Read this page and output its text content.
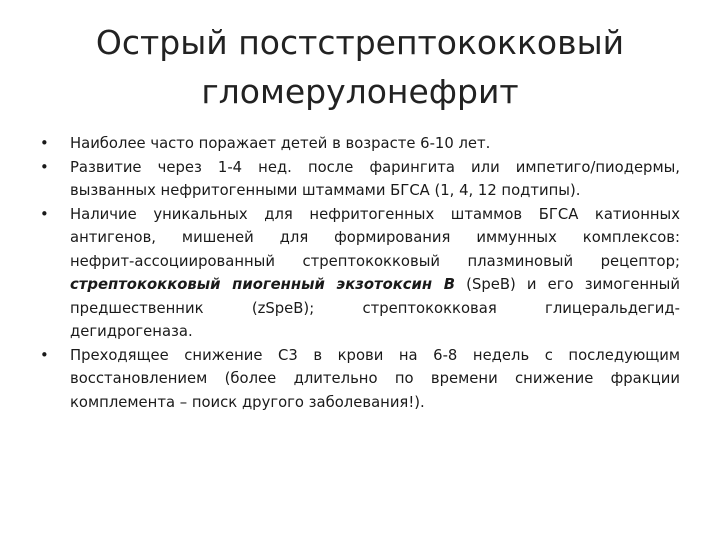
Острый постстрептококковый
гломерулонефрит
•	Наиболее часто поражает детей в возрасте 6-10 лет.
•	Развитие через 1-4 нед. после фарингита или импетиго/пиодермы,
вызванных нефритогенными штаммами БГСА (1, 4, 12 подтипы).
•	Наличие уникальных для нефритогенных штаммов БГСА катионных
антигенов, мишеней для формирования иммунных комплексов:
нефрит-ассоциированный стрептококковый плазминовый рецептор;
стрептококковый пиогенный экзотоксин В (SpeB) и его зимогенный
предшественник (zSpeB); стрептококковая глицеральдегид-
дегидрогеназа.
•	Преходящее снижение С3 в крови на 6-8 недель с последующим
восстановлением (более длительно по времени снижение фракции
комплемента – поиск другого заболевания!).
